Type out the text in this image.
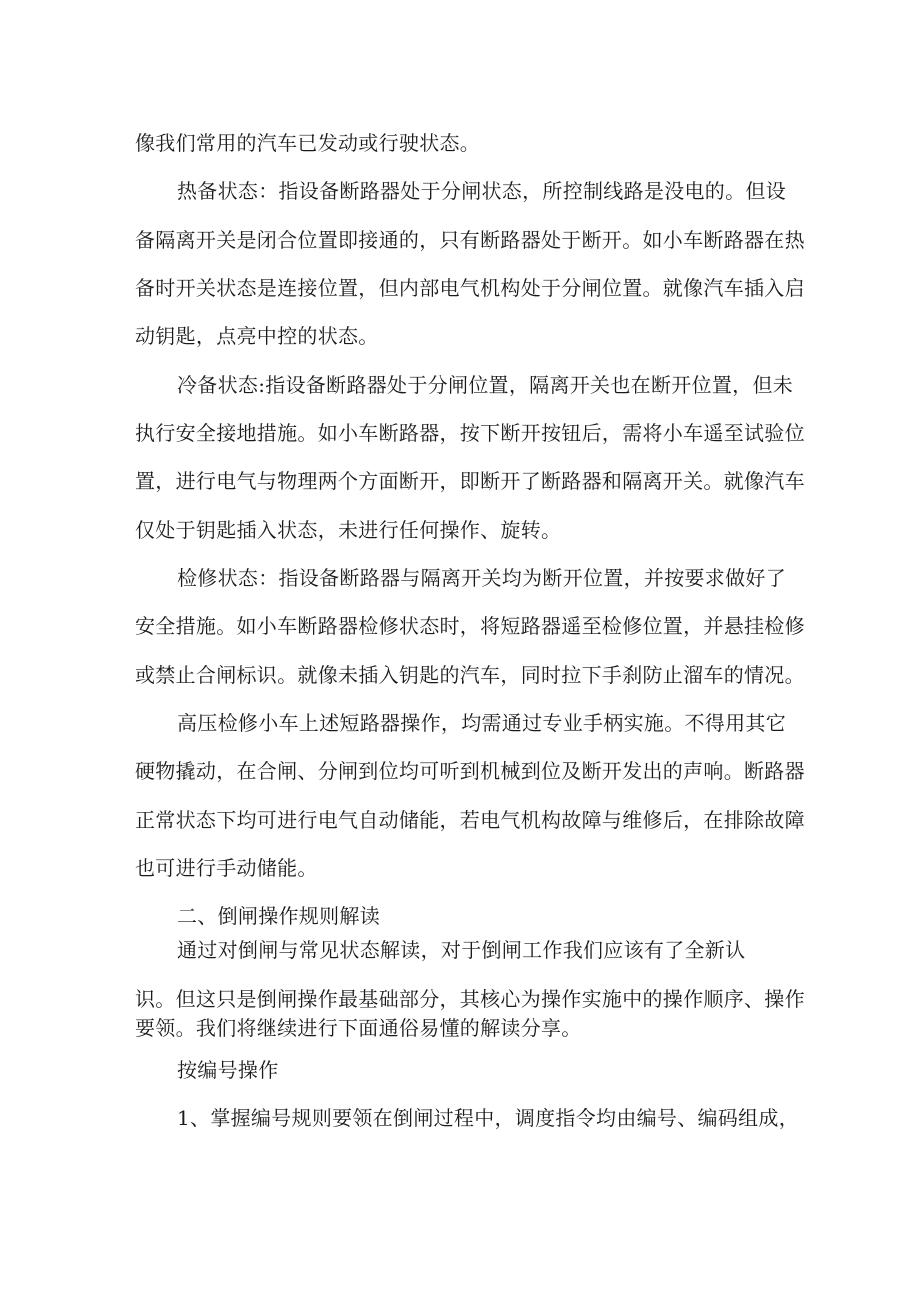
像我们常用的汽车已发动或行驶状态。
热备状态：指设备断路器处于分闸状态，所控制线路是没电的。但设
备隔离开关是闭合位置即接通的，只有断路器处于断开。如小车断路器在热
备时开关状态是连接位置，但内部电气机构处于分闸位置。就像汽车插入启
动钥匙，点亮中控的状态。
冷备状态:指设备断路器处于分闸位置，隔离开关也在断开位置，但未
执行安全接地措施。如小车断路器，按下断开按钮后，需将小车遥至试验位
置，进行电气与物理两个方面断开，即断开了断路器和隔离开关。就像汽车
仅处于钥匙插入状态，未进行任何操作、旋转。
检修状态：指设备断路器与隔离开关均为断开位置，并按要求做好了
安全措施。如小车断路器检修状态时，将短路器遥至检修位置，并悬挂检修
或禁止合闸标识。就像未插入钥匙的汽车，同时拉下手刹防止溜车的情况。
高压检修小车上述短路器操作，均需通过专业手柄实施。不得用其它
硬物撬动，在合闸、分闸到位均可听到机械到位及断开发出的声响。断路器
正常状态下均可进行电气自动储能，若电气机构故障与维修后，在排除故障
也可进行手动储能。
二、倒闸操作规则解读
通过对倒闸与常见状态解读，对于倒闸工作我们应该有了全新认
识。但这只是倒闸操作最基础部分，其核心为操作实施中的操作顺序、操作
要领。我们将继续进行下面通俗易懂的解读分享。
按编号操作
1、掌握编号规则要领在倒闸过程中，调度指令均由编号、编码组成，
